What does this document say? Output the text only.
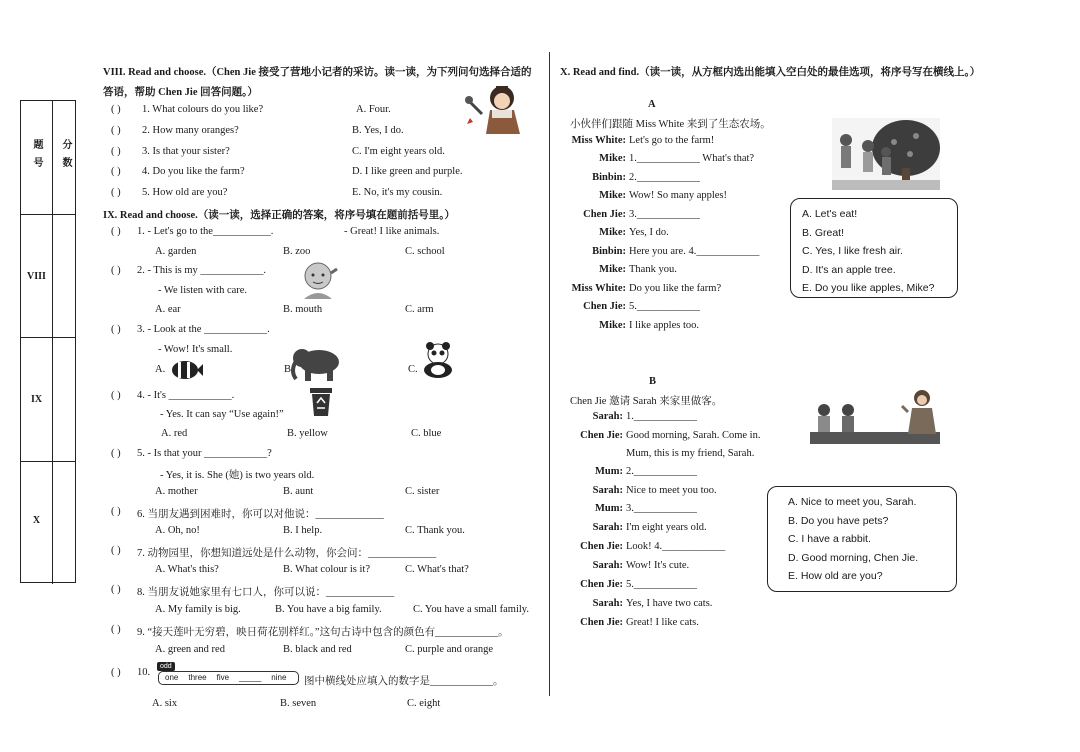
题号	分数
VIII
IX
X
VIII. Read and choose.（Chen Jie 接受了营地小记者的采访。读一读，为下列问句选择合适的
答语，帮助 Chen Jie 回答问题。）
( ) 1. What colours do you like?	A. Four.
( ) 2. How many oranges?	B. Yes, I do.
( ) 3. Is that your sister?	C. I'm eight years old.
( ) 4. Do you like the farm?	D. I like green and purple.
( ) 5. How old are you?	E. No, it's my cousin.
IX. Read and choose.（读一读，选择正确的答案，将序号填在题前括号里。）
( ) 1. - Let's go to the___________.	- Great! I like animals.
A. garden	B. zoo	C. school
( ) 2. - This is my ____________.
- We listen with care.
A. ear	B. mouth	C. arm
( ) 3. - Look at the ____________.
- Wow! It's small.
A.	B.	C.
( ) 4. - It's ____________.
- Yes. It can say “Use again!”
A. red	B. yellow	C. blue
( ) 5. - Is that your ____________?
- Yes, it is. She (她) is two years old.
A. mother	B. aunt	C. sister
( ) 6. 当朋友遇到困难时，你可以对他说：_____________
A. Oh, no!	B. I help.	C. Thank you.
( ) 7. 动物园里，你想知道远处是什么动物，你会问：_____________
A. What's this?	B. What colour is it?	C. What's that?
( ) 8. 当朋友说她家里有七口人，你可以说：_____________
A. My family is big.	B. You have a big family.	C. You have a small family.
( ) 9. “接天莲叶无穷碧，映日荷花别样红。”这句古诗中包含的颜色有____________。
A. green and red	B. black and red	C. purple and orange
( ) 10.
odd
one three five _____ nine	图中横线处应填入的数字是____________。
A. six	B. seven	C. eight
X. Read and find.（读一读，从方框内选出能填入空白处的最佳选项，将序号写在横线上。）
A
小伙伴们跟随 Miss White 来到了生态农场。
Miss White: Let's go to the farm!
Mike: 1.____________ What's that?
Binbin: 2.____________
Mike: Wow! So many apples!
Chen Jie: 3.____________
Mike: Yes, I do.
Binbin: Here you are. 4.____________
Mike: Thank you.
Miss White: Do you like the farm?
Chen Jie: 5.____________
Mike: I like apples too.
A. Let's eat!
B. Great!
C. Yes, I like fresh air.
D. It's an apple tree.
E. Do you like apples, Mike?
B
Chen Jie 邀请 Sarah 来家里做客。
Sarah: 1.____________
Chen Jie: Good morning, Sarah. Come in.
Mum, this is my friend, Sarah.
Mum: 2.____________
Sarah: Nice to meet you too.
Mum: 3.____________
Sarah: I'm eight years old.
Chen Jie: Look! 4.____________
Sarah: Wow! It's cute.
Chen Jie: 5.____________
Sarah: Yes, I have two cats.
Chen Jie: Great! I like cats.
A. Nice to meet you, Sarah.
B. Do you have pets?
C. I have a rabbit.
D. Good morning, Chen Jie.
E. How old are you?
